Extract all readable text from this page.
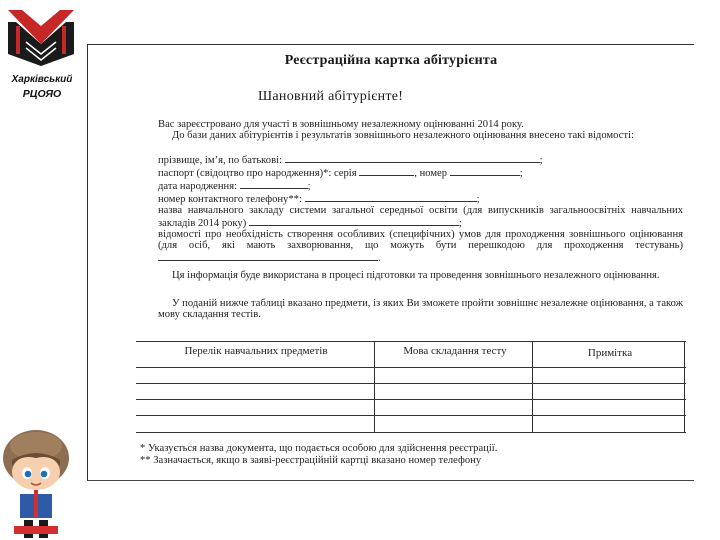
Харківський
РЦОЯО
Реєстраційна картка абітурієнта
Шановний абітурієнте!
Вас зареєстровано для участі в зовнішньому незалежному оцінюванні 2014 року.
До бази даних абітурієнтів і результатів зовнішнього незалежного оцінювання внесено такі відомості:
прізвище, ім’я, по батькові:	;
паспорт (свідоцтво про народження)*: серія	, номер	;
дата народження:	;
номер контактного телефону**:	;
назва навчального закладу системи загальної середньої освіти (для випускників загальноосвітніх навчальних закладів 2014 року)	;
відомості про необхідність створення особливих (специфічних) умов для проходження зовнішнього оцінювання (для осіб, які мають захворювання, що можуть бути перешкодою для проходження тестувань) .
Ця інформація буде використана в процесі підготовки та проведення зовнішнього незалежного оцінювання.
У поданій нижче таблиці вказано предмети, із яких Ви зможете пройти зовнішнє незалежне оцінювання, а також мову складання тестів.
Перелік навчальних предметів	Мова складання тесту	Примітка
* Указується назва документа, що подається особою для здійснення реєстрації.
** Зазначається, якщо в заяві-реєстраційній картці вказано номер телефону
